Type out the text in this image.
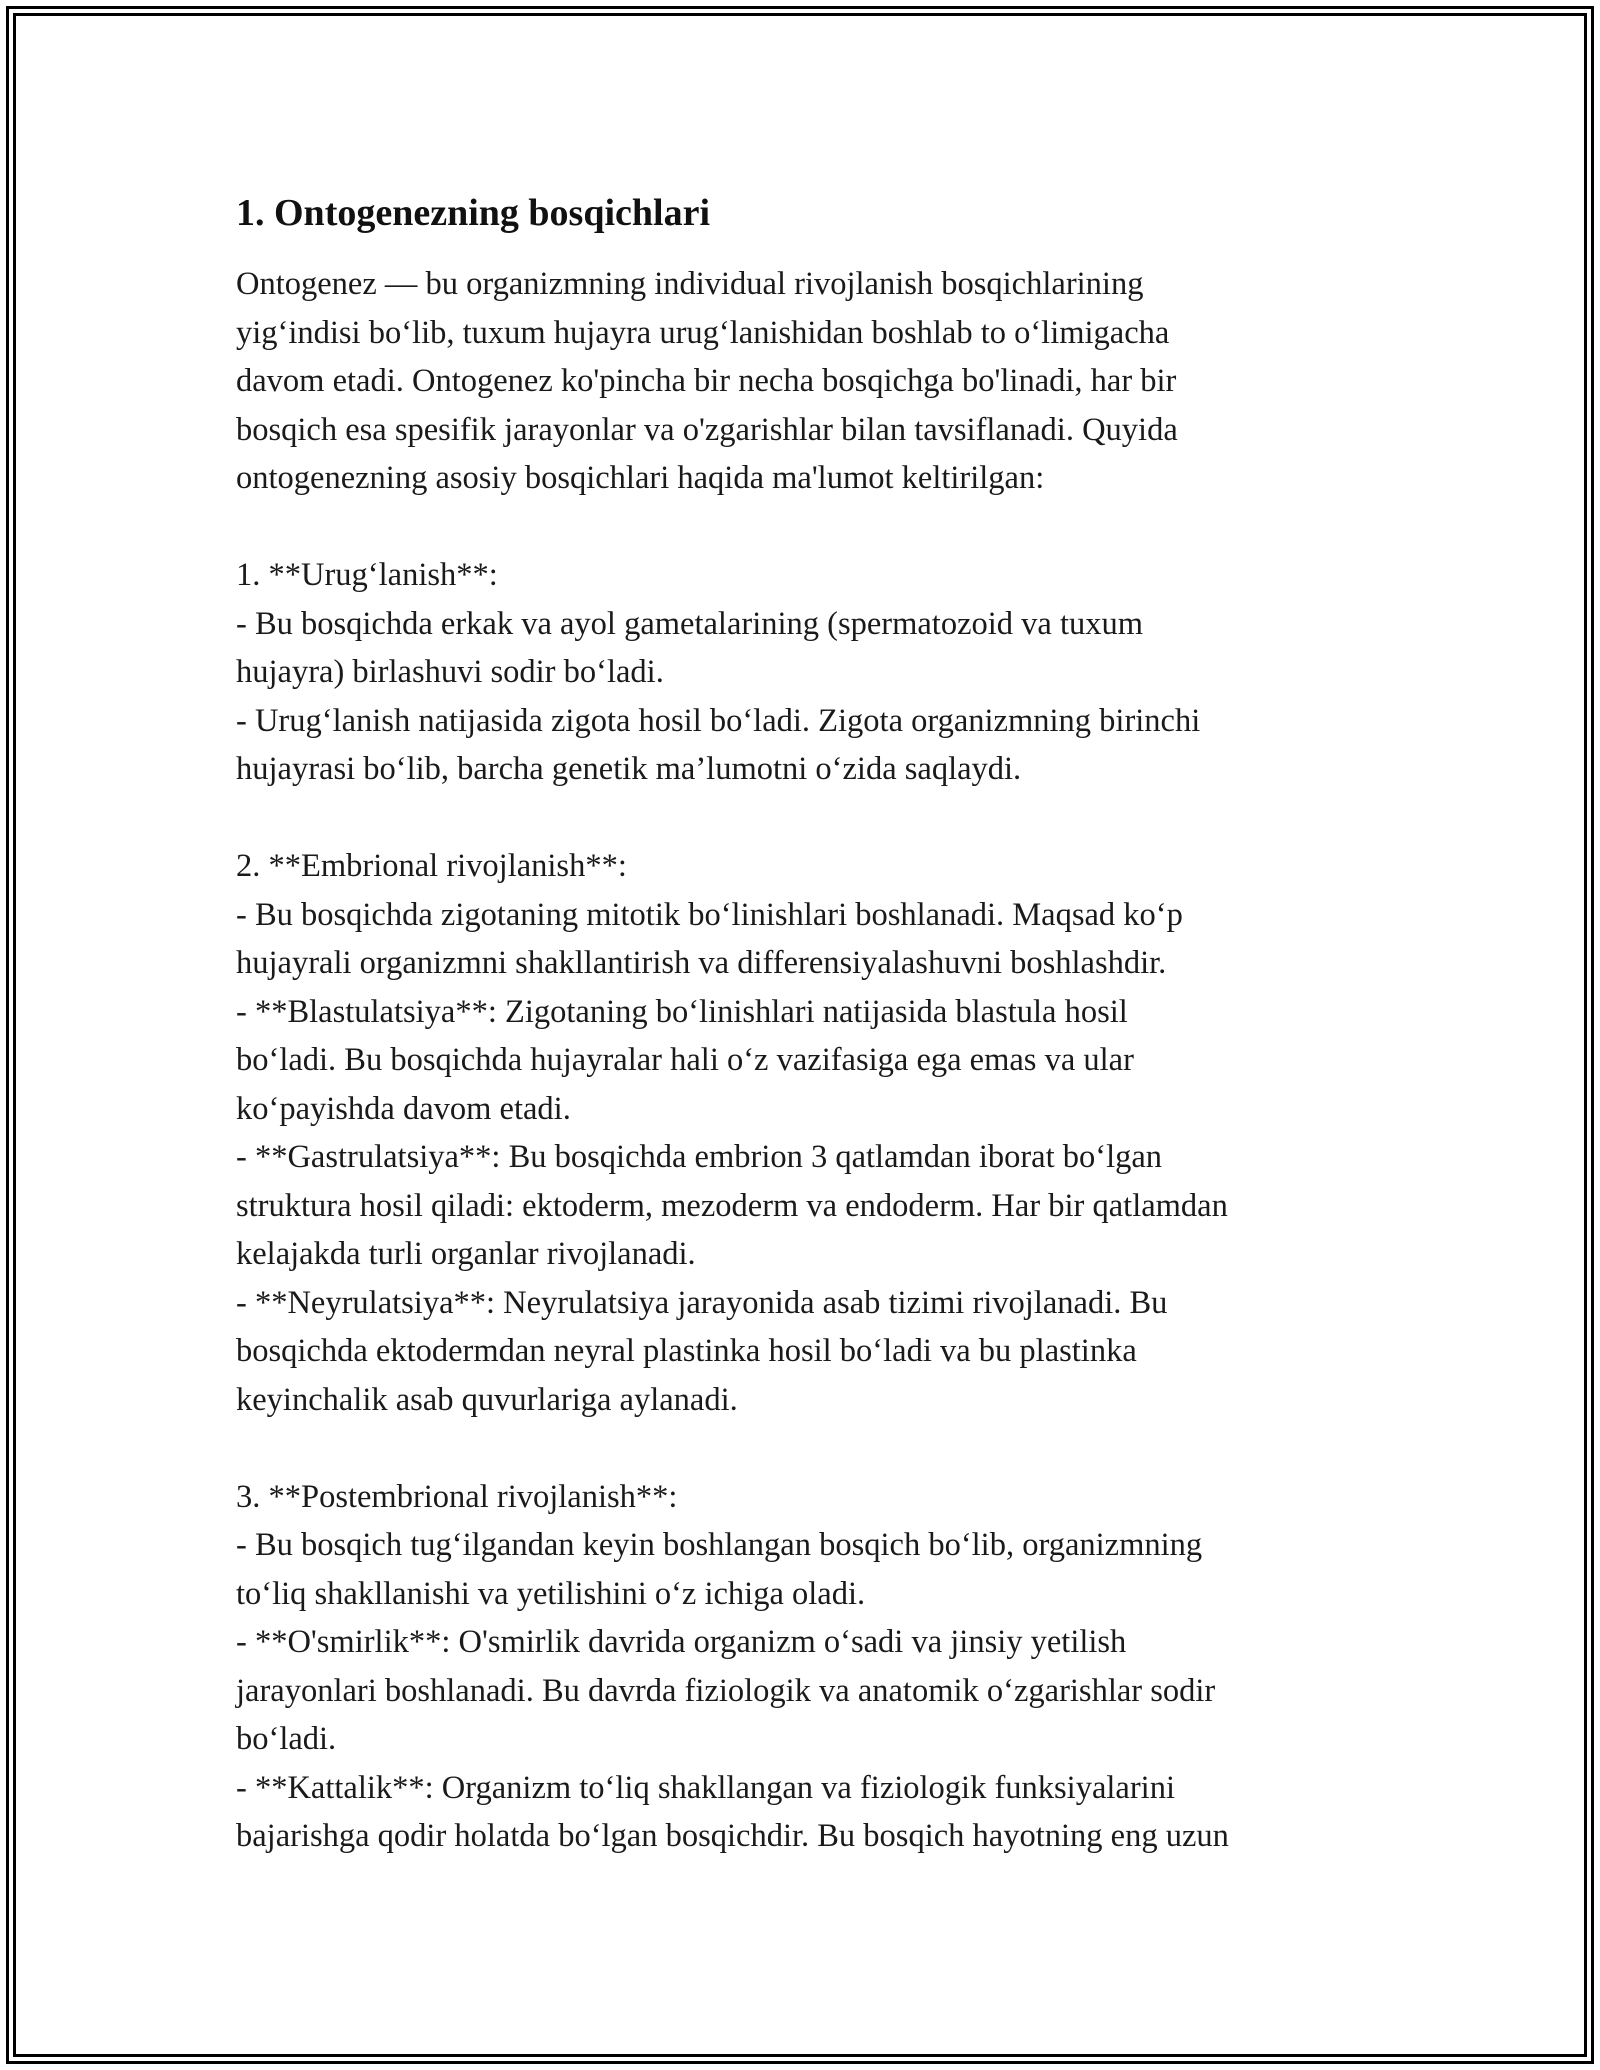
1. Ontogenezning bosqichlari

Ontogenez — bu organizmning individual rivojlanish bosqichlarining
yig‘indisi bo‘lib, tuxum hujayra urug‘lanishidan boshlab to o‘limigacha
davom etadi. Ontogenez ko'pincha bir necha bosqichga bo'linadi, har bir
bosqich esa spesifik jarayonlar va o'zgarishlar bilan tavsiflanadi. Quyida
ontogenezning asosiy bosqichlari haqida ma'lumot keltirilgan:

1. **Urug‘lanish**:
- Bu bosqichda erkak va ayol gametalarining (spermatozoid va tuxum
hujayra) birlashuvi sodir bo‘ladi.
- Urug‘lanish natijasida zigota hosil bo‘ladi. Zigota organizmning birinchi
hujayrasi bo‘lib, barcha genetik ma’lumotni o‘zida saqlaydi.

2. **Embrional rivojlanish**:
- Bu bosqichda zigotaning mitotik bo‘linishlari boshlanadi. Maqsad ko‘p
hujayrali organizmni shakllantirish va differensiyalashuvni boshlashdir.
- **Blastulatsiya**: Zigotaning bo‘linishlari natijasida blastula hosil
bo‘ladi. Bu bosqichda hujayralar hali o‘z vazifasiga ega emas va ular
ko‘payishda davom etadi.
- **Gastrulatsiya**: Bu bosqichda embrion 3 qatlamdan iborat bo‘lgan
struktura hosil qiladi: ektoderm, mezoderm va endoderm. Har bir qatlamdan
kelajakda turli organlar rivojlanadi.
- **Neyrulatsiya**: Neyrulatsiya jarayonida asab tizimi rivojlanadi. Bu
bosqichda ektodermdan neyral plastinka hosil bo‘ladi va bu plastinka
keyinchalik asab quvurlariga aylanadi.

3. **Postembrional rivojlanish**:
- Bu bosqich tug‘ilgandan keyin boshlangan bosqich bo‘lib, organizmning
to‘liq shakllanishi va yetilishini o‘z ichiga oladi.
- **O'smirlik**: O'smirlik davrida organizm o‘sadi va jinsiy yetilish
jarayonlari boshlanadi. Bu davrda fiziologik va anatomik o‘zgarishlar sodir
bo‘ladi.
- **Kattalik**: Organizm to‘liq shakllangan va fiziologik funksiyalarini
bajarishga qodir holatda bo‘lgan bosqichdir. Bu bosqich hayotning eng uzun
